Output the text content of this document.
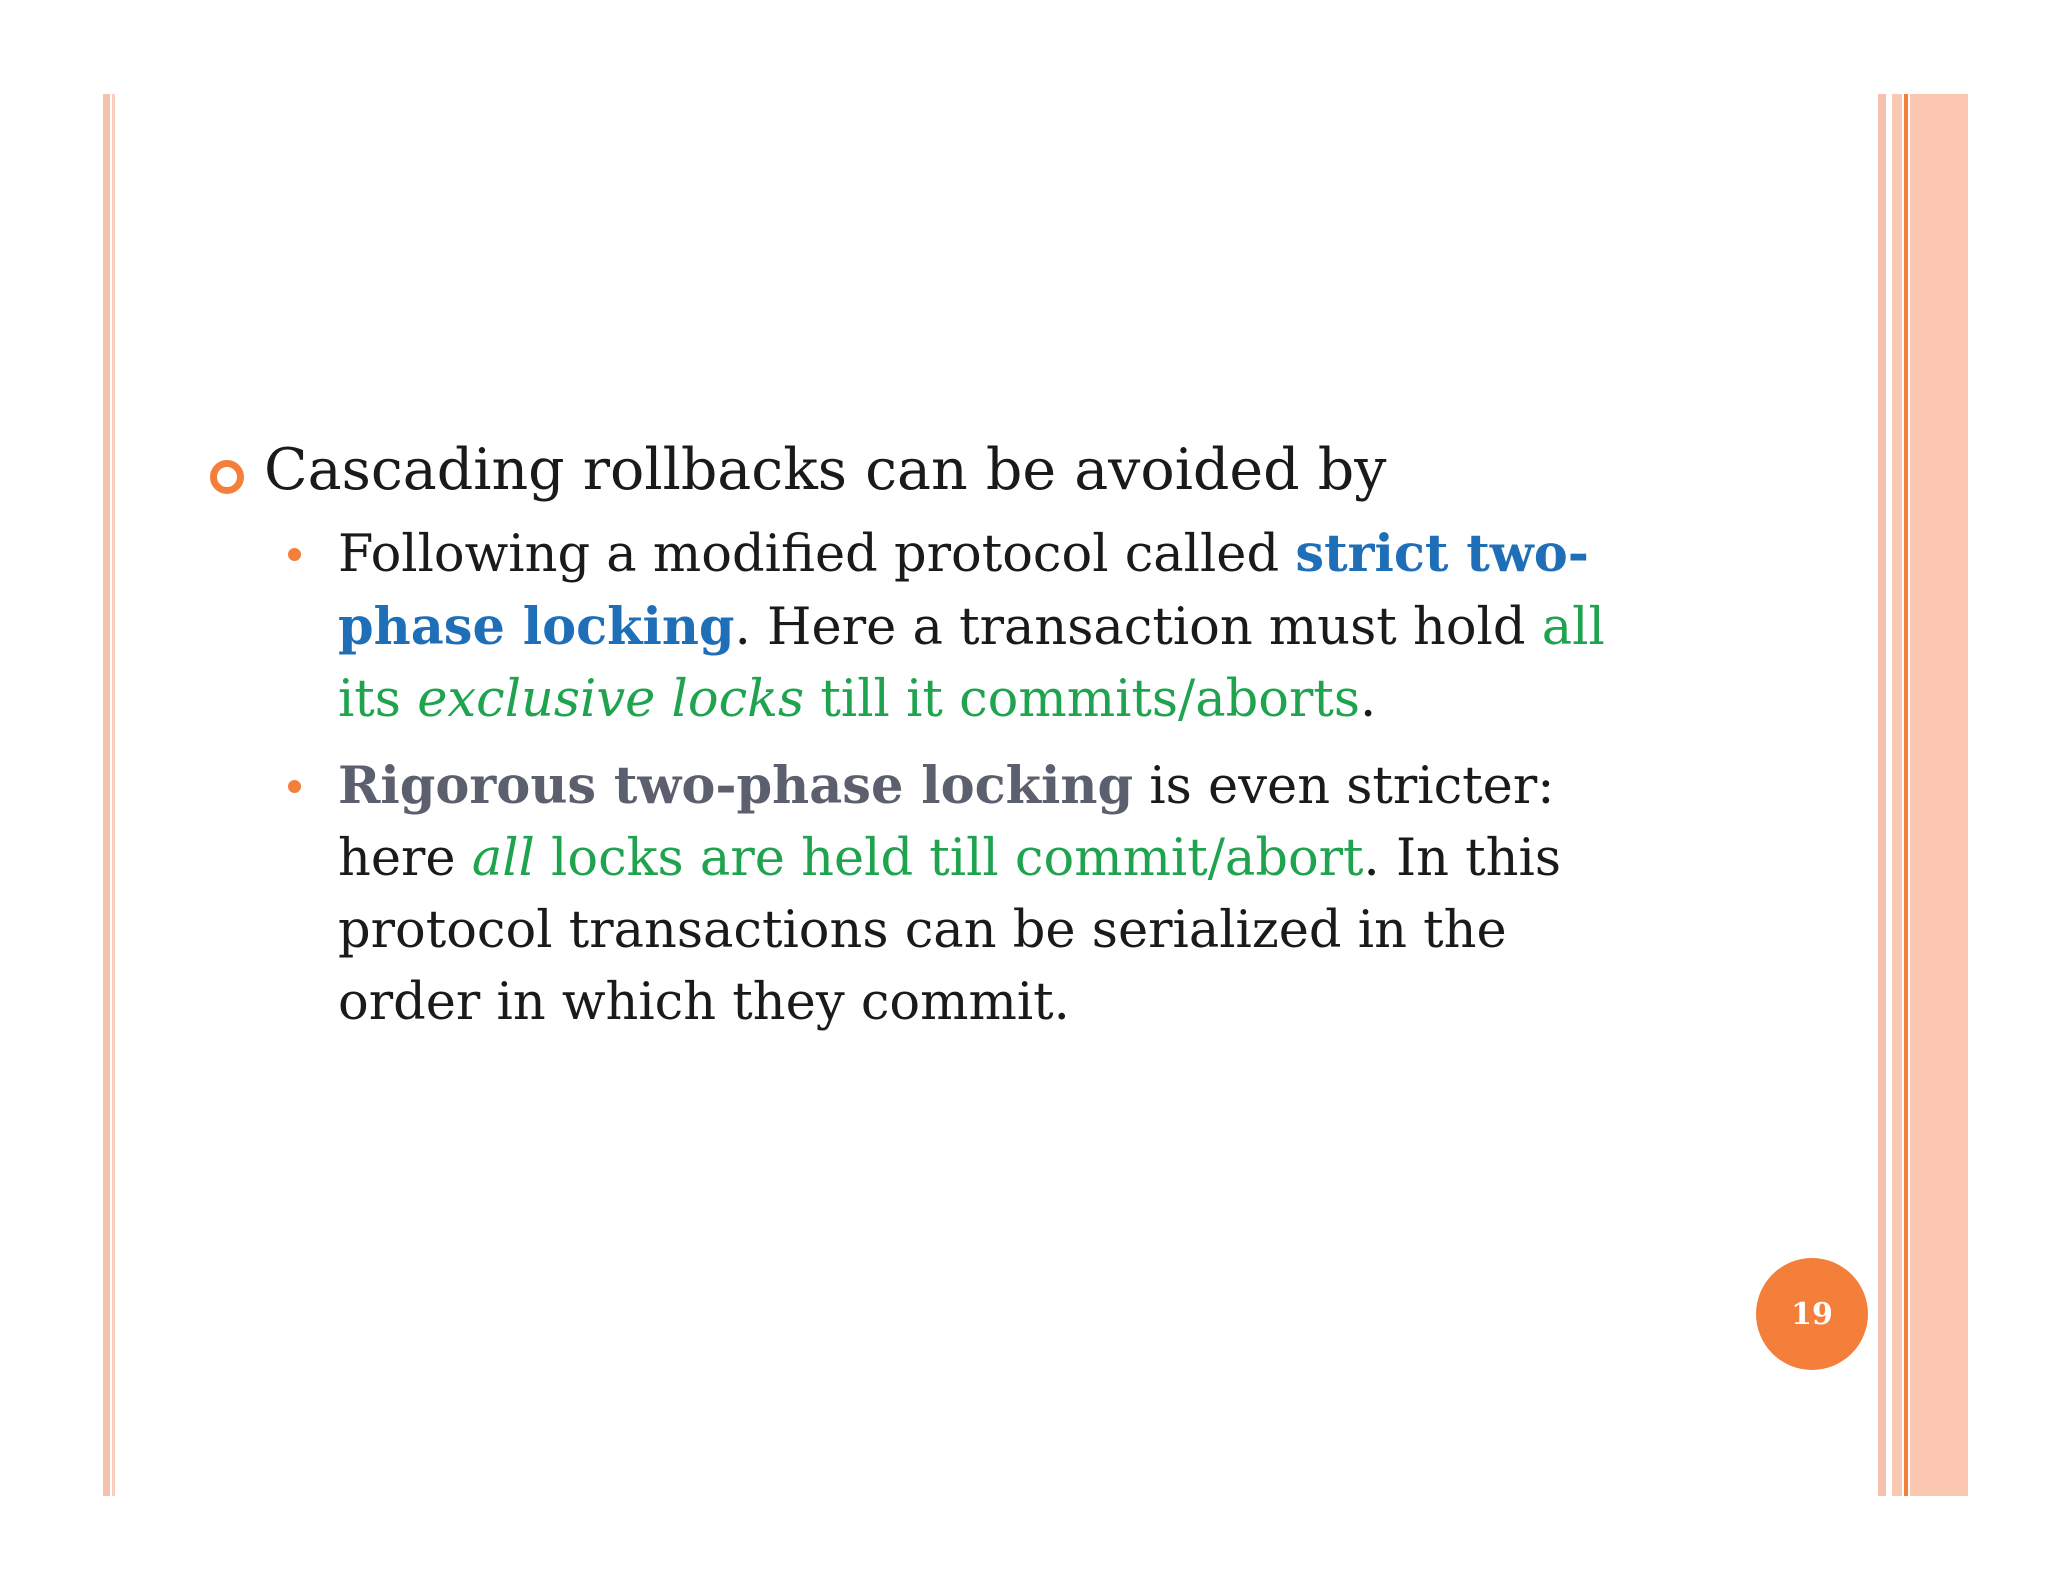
Cascading rollbacks can be avoided by
Following a modified protocol called strict two-phase locking. Here a transaction must hold all its exclusive locks till it commits/aborts.
Rigorous two-phase locking is even stricter: here all locks are held till commit/abort. In this protocol transactions can be serialized in the order in which they commit.
19
